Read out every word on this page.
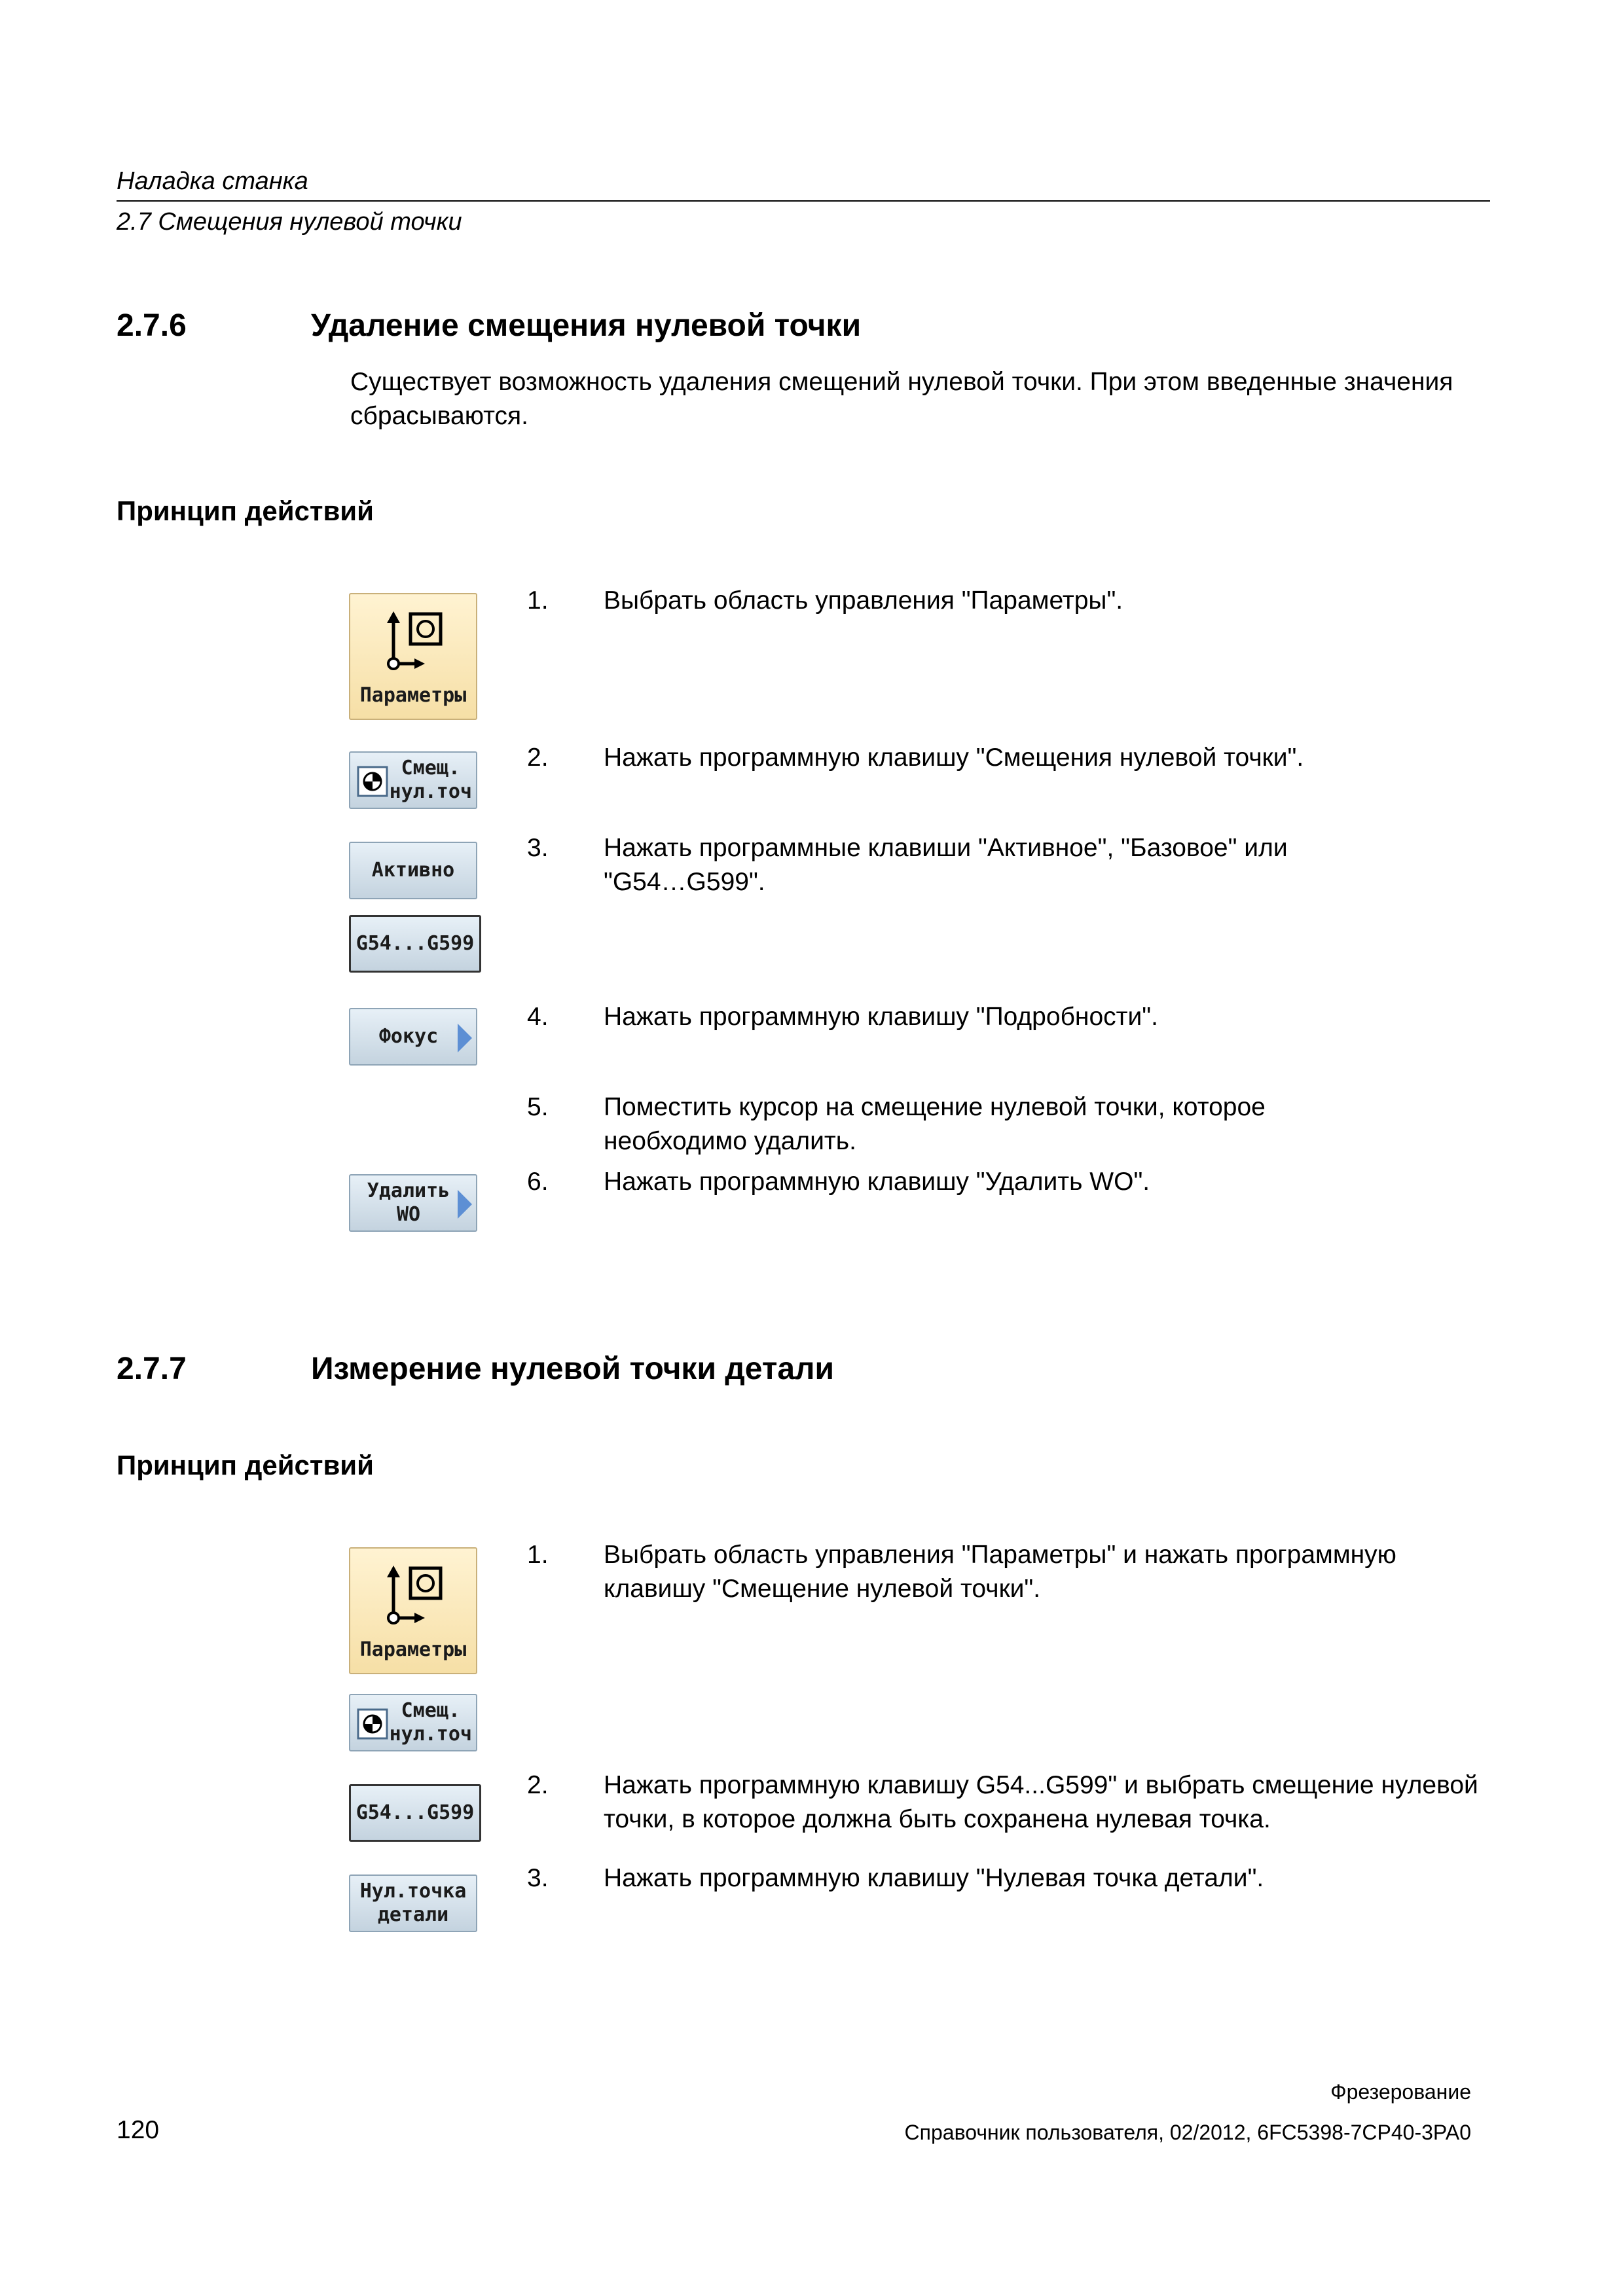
Наладка станка
2.7 Смещения нулевой точки
2.7.6	Удаление смещения нулевой точки
Существует возможность удаления смещений нулевой точки. При этом введенные значения сбрасываются.
Принцип действий
Параметры
Смещ.
нул.точ
Активно
G54...G599
Фокус
Удалить
WO
1. Выбрать область управления "Параметры".
2. Нажать программную клавишу "Смещения нулевой точки".
3. Нажать программные клавиши "Активное", "Базовое" или "G54…G599".
4. Нажать программную клавишу "Подробности".
5. Поместить курсор на смещение нулевой точки, которое необходимо удалить.
6. Нажать программную клавишу "Удалить WO".
2.7.7	Измерение нулевой точки детали
Принцип действий
Параметры
Смещ.
нул.точ
G54...G599
Нул.точка
детали
1. Выбрать область управления "Параметры" и нажать программную клавишу "Смещение нулевой точки".
2. Нажать программную клавишу G54...G599" и выбрать смещение нулевой точки, в которое должна быть сохранена нулевая точка.
3. Нажать программную клавишу "Нулевая точка детали".
Фрезерование
120	Справочник пользователя, 02/2012, 6FC5398-7CP40-3PA0
